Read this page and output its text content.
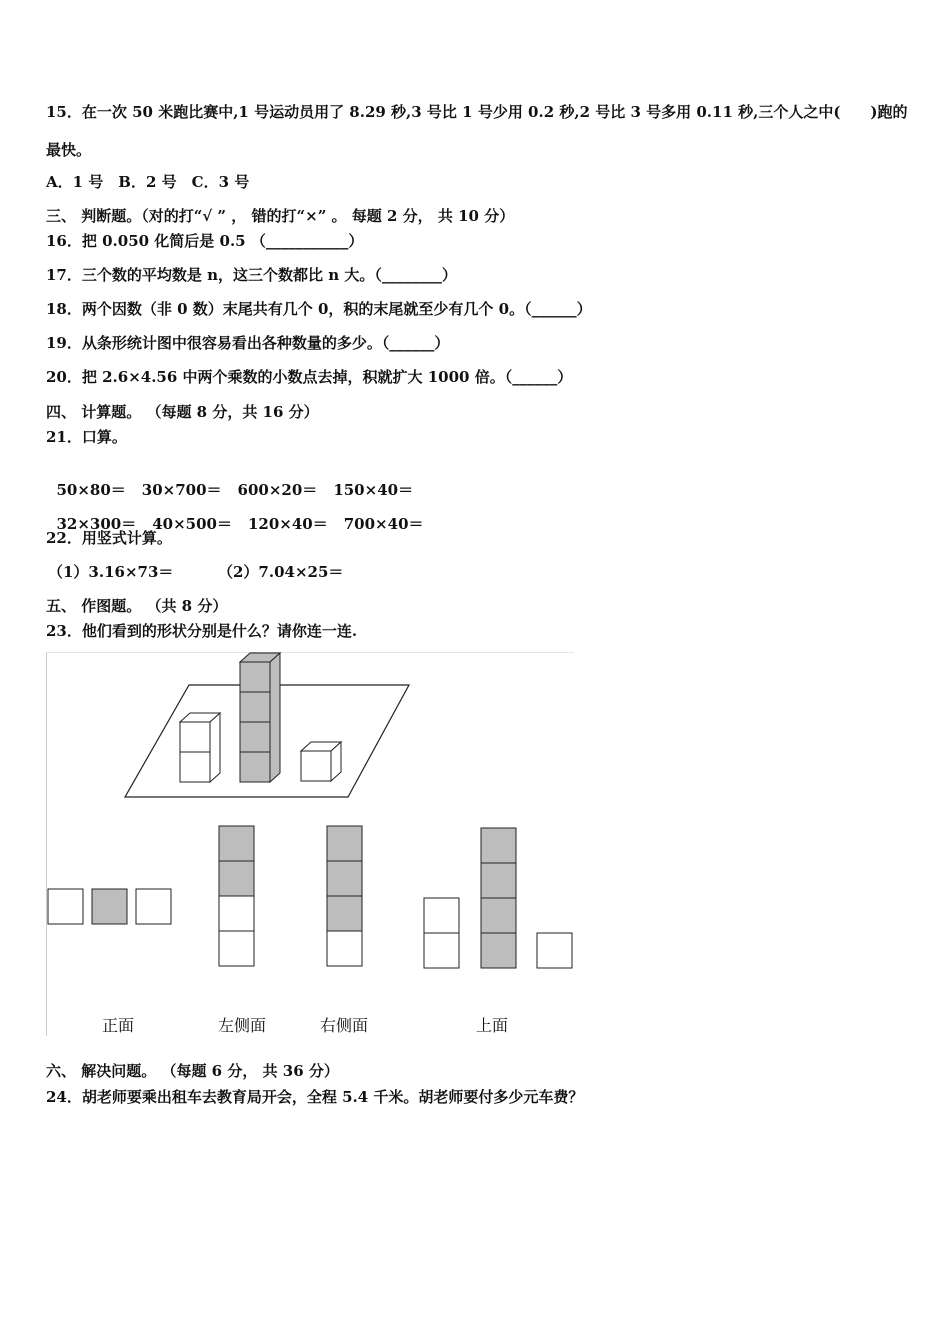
15．在一次 50 米跑比赛中,1 号运动员用了 8.29 秒,3 号比 1 号少用 0.2 秒,2 号比 3 号多用 0.11 秒,三个人之中(　　)跑的
最快。
A．1 号　B．2 号　C．3 号
三、 判断题。（对的打“√ ” ， 错的打“×” 。 每题 2 分， 共 10 分）
16．把 0.050 化简后是 0.5 （___________）
17．三个数的平均数是 n，这三个数都比 n 大。（________）
18．两个因数（非 0 数）末尾共有几个 0，积的末尾就至少有几个 0。（______）
19．从条形统计图中很容易看出各种数量的多少。（______）
20．把 2.6×4.56 中两个乘数的小数点去掉，积就扩大 1000 倍。（______）
四、 计算题。 （每题 8 分，共 16 分）
21．口算。

50×80＝ 30×700＝ 600×20＝ 150×40＝

32×300＝ 40×500＝ 120×40＝ 700×40＝

22．用竖式计算。
（1）3.16×73＝	（2）7.04×25＝
五、 作图题。 （共 8 分）
23．他们看到的形状分别是什么？请你连一连.
正面	左侧面	右侧面	上面
六、 解决问题。 （每题 6 分， 共 36 分）
24．胡老师要乘出租车去教育局开会，全程 5.4 千米。胡老师要付多少元车费？
